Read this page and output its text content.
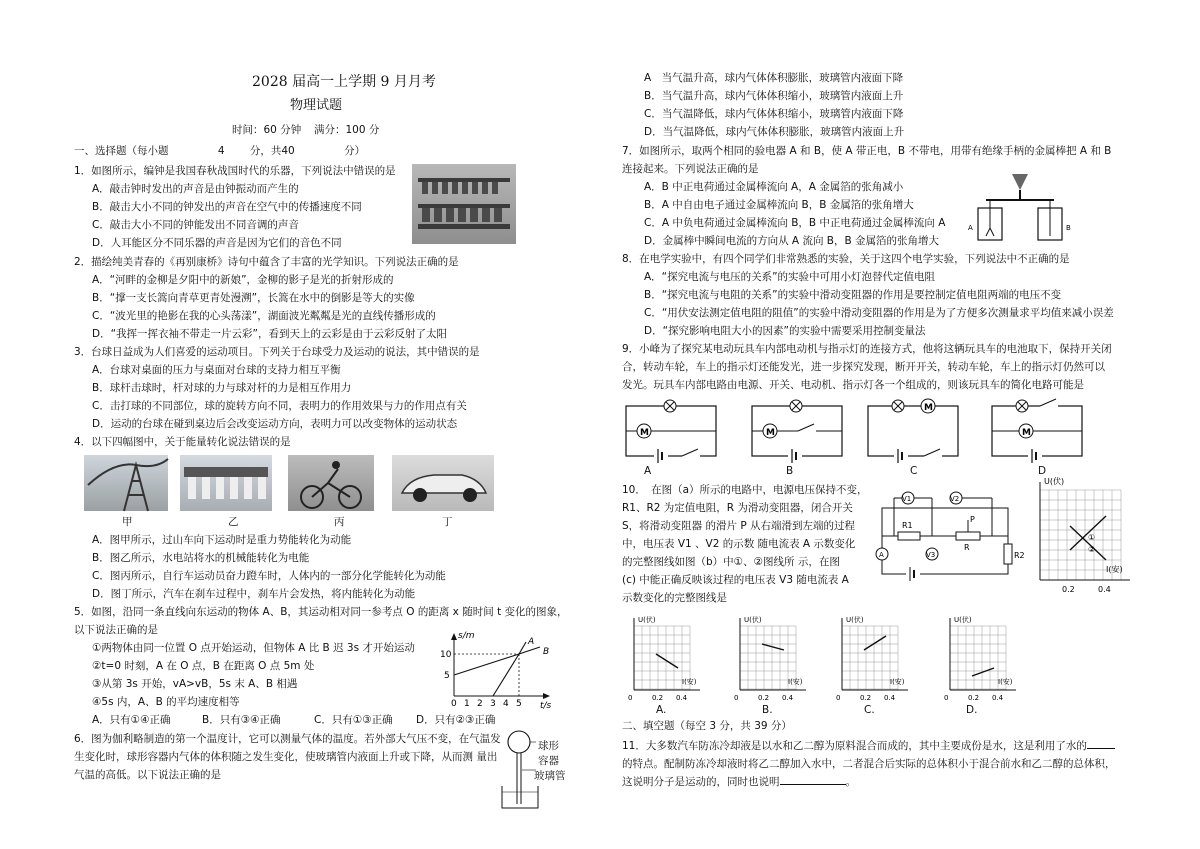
2028 届高一上学期 9 月月考
物理试题
时间：60 分钟 满分：100 分
一、选择题（每小题	4 分，共40	分）
1．如图所示，编钟是我国春秋战国时代的乐器，下列说法中错误的是
A．敲击钟时发出的声音是由钟振动而产生的
B．敲击大小不同的钟发出的声音在空气中的传播速度不同
C．敲击大小不同的钟能发出不同音调的声音
D．人耳能区分不同乐器的声音是因为它们的音色不同
2．描绘纯美青春的《再别康桥》诗句中蕴含了丰富的光学知识。下列说法正确的是
A．“河畔的金柳是夕阳中的新娘”，金柳的影子是光的折射形成的
B．“撑一支长篙向青草更青处漫溯”，长篙在水中的倒影是等大的实像
C．“波光里的艳影在我的心头荡漾”，湖面波光粼粼是光的直线传播形成的
D．“我挥一挥衣袖不带走一片云彩”，看到天上的云彩是由于云彩反射了太阳
3．台球日益成为人们喜爱的运动项目。下列关于台球受力及运动的说法，其中错误的是
A．台球对桌面的压力与桌面对台球的支持力相互平衡
B．球杆击球时，杆对球的力与球对杆的力是相互作用力
C．击打球的不同部位，球的旋转方向不同，表明力的作用效果与力的作用点有关
D．运动的台球在碰到桌边后会改变运动方向，表明力可以改变物体的运动状态
4．以下四幅图中，关于能量转化说法错误的是
甲	乙	丙	丁
A．图甲所示，过山车向下运动时是重力势能转化为动能
B．图乙所示，水电站将水的机械能转化为电能
C．图丙所示，自行车运动员奋力蹬车时，人体内的一部分化学能转化为动能
D．图丁所示，汽车在刹车过程中，刹车片会发热，将内能转化为动能
5．如图，沿同一条直线向东运动的物体 A、B，其运动相对同一参考点 O 的距离 x 随时间 t 变化的图象，
以下说法正确的是
①两物体由同一位置 O 点开始运动，但物体 A 比 B 迟 3s 才开始运动
②t=0 时刻，A 在 O 点，B 在距离 O 点 5m 处
③从第 3s 开始，vA>vB，5s 末 A、B 相遇
④5s 内，A、B 的平均速度相等
A．只有①④正确	B．只有③④正确	C．只有①③正确 D．只有②③正确
s/m
t/s
10
5
0 1 2 3 4 5
A
B
6．图为伽利略制造的第一个温度计，它可以测量气体的温度。若外部大气压不变，在气温发
生变化时，球形容器内气体的体积随之发生变化，使玻璃管内液面上升或下降，从而测 量出
气温的高低。以下说法正确的是
球形
容器
玻璃管
A　当气温升高，球内气体体积膨胀，玻璃管内液面下降
B．当气温升高，球内气体体积缩小，玻璃管内液面上升
C．当气温降低，球内气体体积缩小，玻璃管内液面下降
D．当气温降低，球内气体体积膨胀，玻璃管内液面上升
7．如图所示，取两个相同的验电器 A 和 B，使 A 带正电，B 不带电，用带有绝缘手柄的金属棒把 A 和 B
连接起来。下列说法正确的是
A．B 中正电荷通过金属棒流向 A，A 金属箔的张角减小
B．A 中自由电子通过金属棒流向 B，B 金属箔的张角增大
C．A 中负电荷通过金属棒流向 B，B 中正电荷通过金属棒流向 A
D．金属棒中瞬间电流的方向从 A 流向 B，B 金属箔的张角增大
A	B
8．在电学实验中，有四个同学们非常熟悉的实验，关于这四个电学实验，下列说法中不正确的是
A．“探究电流与电压的关系”的实验中可用小灯泡替代定值电阻
B．“探究电流与电阻的关系”的实验中滑动变阻器的作用是要控制定值电阻两端的电压不变
C．“用伏安法测定值电阻的阻值”的实验中滑动变阻器的作用是为了方便多次测量求平均值来减小误差
D．“探究影响电阻大小的因素”的实验中需要采用控制变量法
9．小峰为了探究某电动玩具车内部电动机与指示灯的连接方式，他将这辆玩具车的电池取下，保持开关闭
合，转动车轮，车上的指示灯还能发光，进一步探究发现，断开开关，转动车轮，车上的指示灯仍然可以
发光。玩具车内部电路由电源、开关、电动机、指示灯各一个组成的，则该玩具车的简化电路可能是
M	M
M
M
A	B	C	D
10．　在图（a）所示的电路中，电源电压保持不变，
R1、R2 为定值电阻，R 为滑动变阻器，闭合开关
S，将滑动变阻器 的滑片 P 从右端滑到左端的过程
中，电压表 V1 、V2 的示数 随电流表 A 示数变化
的完整图线如图（b）中①、②图线所 示，在图
(c) 中能正确反映该过程的电压表 V3 随电流表 A
示数变化的完整图线是
V1	V2
R1
R
P
R2
A	V3
U(伏)
I(安)
0.2	0.4
①
②
U(伏)
I(安)
0	0.2 0.4
U(伏)
I(安)
0	0.2 0.4
U(伏)
I(安)
0	0.2 0.4
U(伏)
I(安)
0	0.2 0.4
A.	B.	C.	D.
二、填空题（每空 3 分，共 39 分）
11．大多数汽车防冻冷却液是以水和乙二醇为原料混合而成的，其中主要成份是水，这是利用了水的
的特点。配制防冻冷却液时将乙二醇加入水中，二者混合后实际的总体积小于混合前水和乙二醇的总体积，
这说明分子是运动的，同时也说明	。
